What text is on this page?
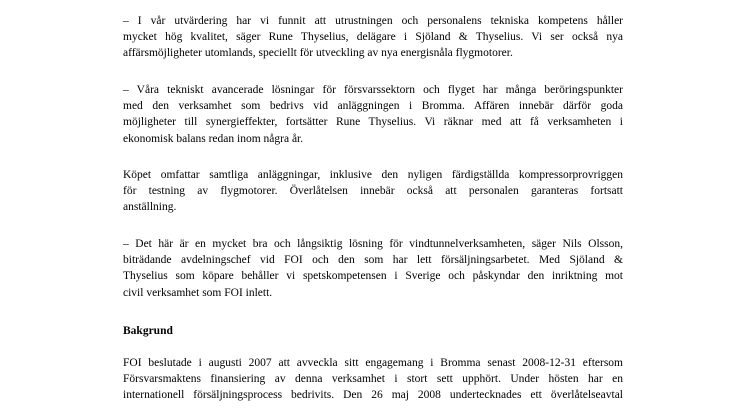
– I vår utvärdering har vi funnit att utrustningen och personalens tekniska kompetens håller
mycket hög kvalitet, säger Rune Thyselius, delägare i Sjöland & Thyselius. Vi ser också nya
affärsmöjligheter utomlands, speciellt för utveckling av nya energisnåla flygmotorer.
– Våra tekniskt avancerade lösningar för försvarssektorn och flyget har många beröringspunkter
med den verksamhet som bedrivs vid anläggningen i Bromma. Affären innebär därför goda
möjligheter till synergieffekter, fortsätter Rune Thyselius. Vi räknar med att få verksamheten i
ekonomisk balans redan inom några år.
Köpet omfattar samtliga anläggningar, inklusive den nyligen färdigställda kompressorprovriggen
för testning av flygmotorer. Överlåtelsen innebär också att personalen garanteras fortsatt
anställning.
– Det här är en mycket bra och långsiktig lösning för vindtunnelverksamheten, säger Nils Olsson,
biträdande avdelningschef vid FOI och den som har lett försäljningsarbetet. Med Sjöland &
Thyselius som köpare behåller vi spetskompetensen i Sverige och påskyndar den inriktning mot
civil verksamhet som FOI inlett.
Bakgrund
FOI beslutade i augusti 2007 att avveckla sitt engagemang i Bromma senast 2008-12-31 eftersom
Försvarsmaktens finansiering av denna verksamhet i stort sett upphört. Under hösten har en
internationell försäljningsprocess bedrivits. Den 26 maj 2008 undertecknades ett överlåtelseavtal
